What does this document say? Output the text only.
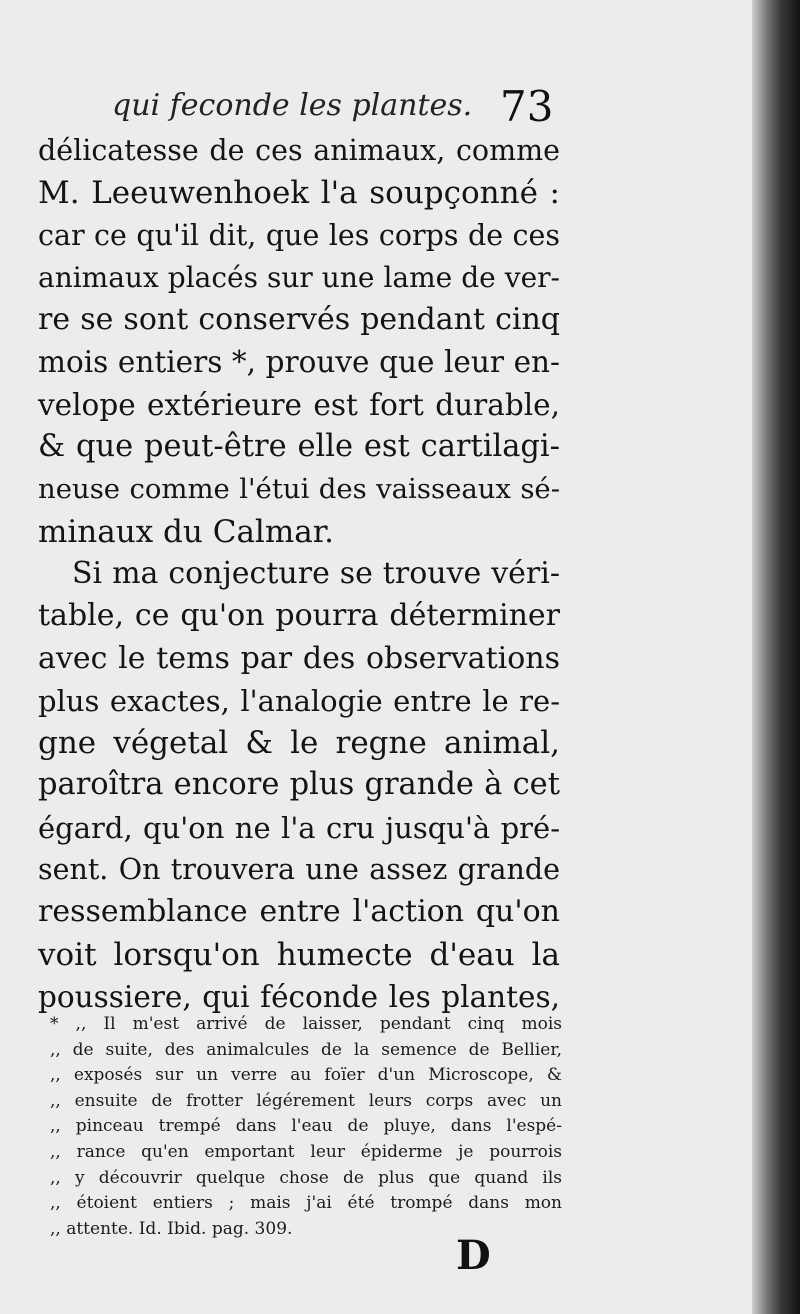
qui feconde les plantes. 73
délicatesse de ces animaux, comme
M. Leeuwenhoek l'a soupçonné :
car ce qu'il dit, que les corps de ces
animaux placés sur une lame de ver-
re se sont conservés pendant cinq
mois entiers *, prouve que leur en-
velope extérieure est fort durable,
& que peut-être elle est cartilagi-
neuse comme l'étui des vaisseaux sé-
minaux du Calmar.
Si ma conjecture se trouve véri-
table, ce qu'on pourra déterminer
avec le tems par des observations
plus exactes, l'analogie entre le re-
gne végetal & le regne animal,
paroîtra encore plus grande à cet
égard, qu'on ne l'a cru jusqu'à pré-
sent. On trouvera une assez grande
ressemblance entre l'action qu'on
voit lorsqu'on humecte d'eau la
poussiere, qui féconde les plantes,
* ,, Il m'est arrivé de laisser, pendant cinq mois
,, de suite, des animalcules de la semence de Bellier,
,, exposés sur un verre au foïer d'un Microscope, &
,, ensuite de frotter légérement leurs corps avec un
,, pinceau trempé dans l'eau de pluye, dans l'espé-
,, rance qu'en emportant leur épiderme je pourrois
,, y découvrir quelque chose de plus que quand ils
,, étoient entiers ; mais j'ai été trompé dans mon
,, attente. Id. Ibid. pag. 309.
D
